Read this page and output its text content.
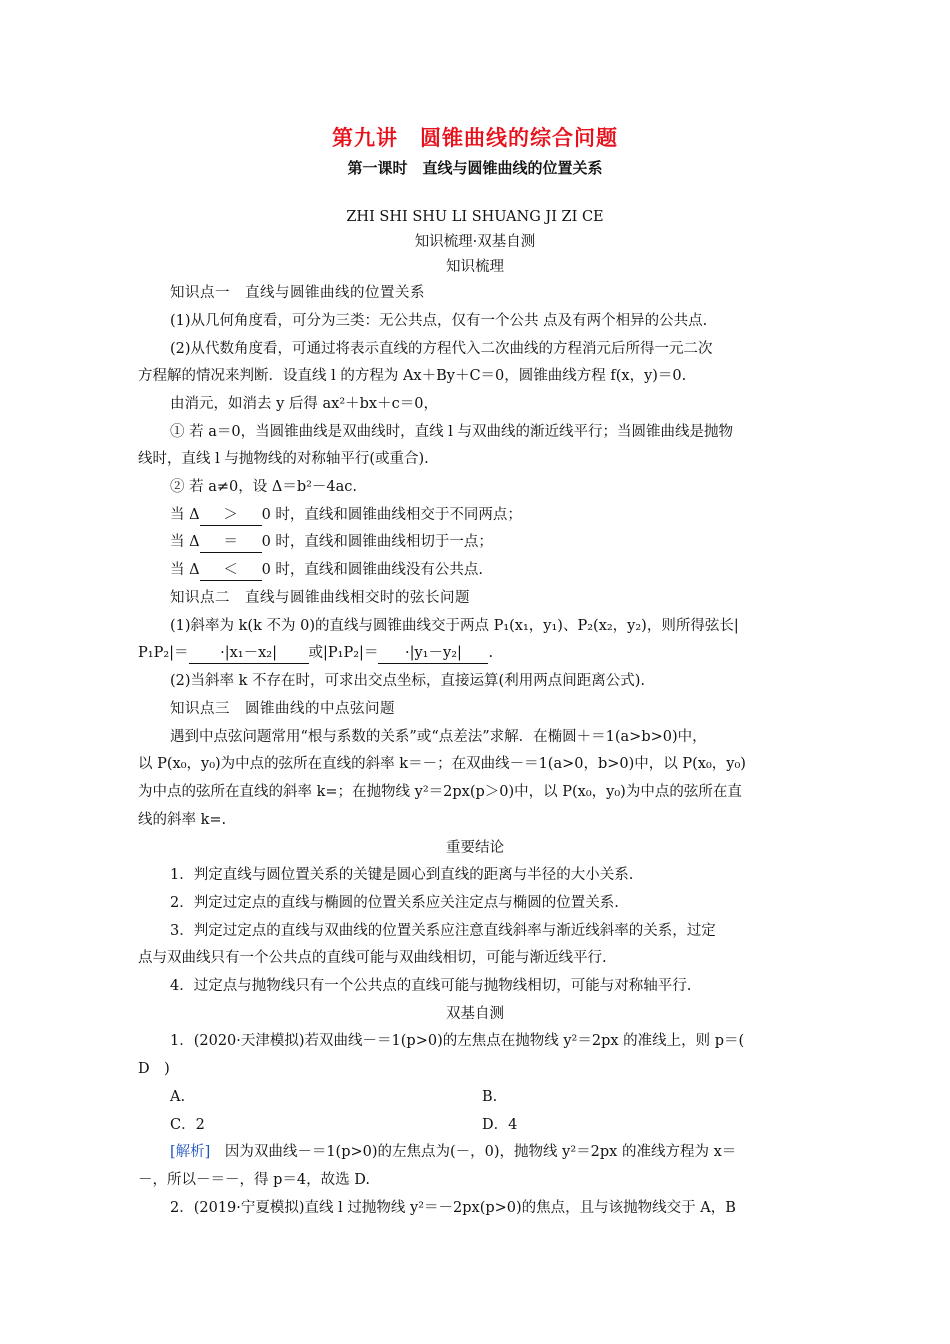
第九讲　圆锥曲线的综合问题
第一课时　直线与圆锥曲线的位置关系
ZHI SHI SHU LI SHUANG JI ZI CE
知识梳理·双基自测
知识梳理
知识点一　直线与圆锥曲线的位置关系
(1)从几何角度看，可分为三类：无公共点，仅有一个公共 点及有两个相异的公共点.
(2)从代数角度看，可通过将表示直线的方程代入二次曲线的方程消元后所得一元二次
方程解的情况来判断．设直线 l 的方程为 Ax＋By＋C＝0，圆锥曲线方程 f(x，y)＝0.
由消元，如消去 y 后得 ax²＋bx＋c＝0，
① 若 a＝0，当圆锥曲线是双曲线时，直线 l 与双曲线的渐近线平行；当圆锥曲线是抛物
线时，直线 l 与抛物线的对称轴平行(或重合).
② 若 a≠0，设 Δ＝b²－4ac.
当 Δ ＞ 0 时，直线和圆锥曲线相交于不同两点；
当 Δ ＝ 0 时，直线和圆锥曲线相切于一点；
当 Δ ＜ 0 时，直线和圆锥曲线没有公共点.
知识点二　直线与圆锥曲线相交时的弦长问题
(1)斜率为 k(k 不为 0)的直线与圆锥曲线交于两点 P₁(x₁，y₁)、P₂(x₂，y₂)，则所得弦长|
P₁P₂|＝ ·|x₁－x₂| 或|P₁P₂|＝ ·|y₁－y₂| .
(2)当斜率 k 不存在时，可求出交点坐标，直接运算(利用两点间距离公式).
知识点三　圆锥曲线的中点弦问题
遇到中点弦问题常用“根与系数的关系”或“点差法”求解．在椭圆＋＝1(a>b>0)中，
以 P(x₀，y₀)为中点的弦所在直线的斜率 k＝－；在双曲线－＝1(a>0，b>0)中，以 P(x₀，y₀)
为中点的弦所在直线的斜率 k=；在抛物线 y²＝2px(p＞0)中，以 P(x₀，y₀)为中点的弦所在直
线的斜率 k=.
重要结论
1．判定直线与圆位置关系的关键是圆心到直线的距离与半径的大小关系.
2．判定过定点的直线与椭圆的位置关系应关注定点与椭圆的位置关系.
3．判定过定点的直线与双曲线的位置关系应注意直线斜率与渐近线斜率的关系，过定
点与双曲线只有一个公共点的直线可能与双曲线相切，可能与渐近线平行.
4．过定点与抛物线只有一个公共点的直线可能与抛物线相切，可能与对称轴平行.
双基自测
1．(2020·天津模拟)若双曲线－＝1(p>0)的左焦点在抛物线 y²＝2px 的准线上，则 p＝(
D　)
A.	B.
C．2	D．4
[解析]　因为双曲线－＝1(p>0)的左焦点为(－，0)，抛物线 y²＝2px 的准线方程为 x＝
－，所以－＝－，得 p＝4，故选 D.
2．(2019·宁夏模拟)直线 l 过抛物线 y²＝－2px(p>0)的焦点，且与该抛物线交于 A，B
